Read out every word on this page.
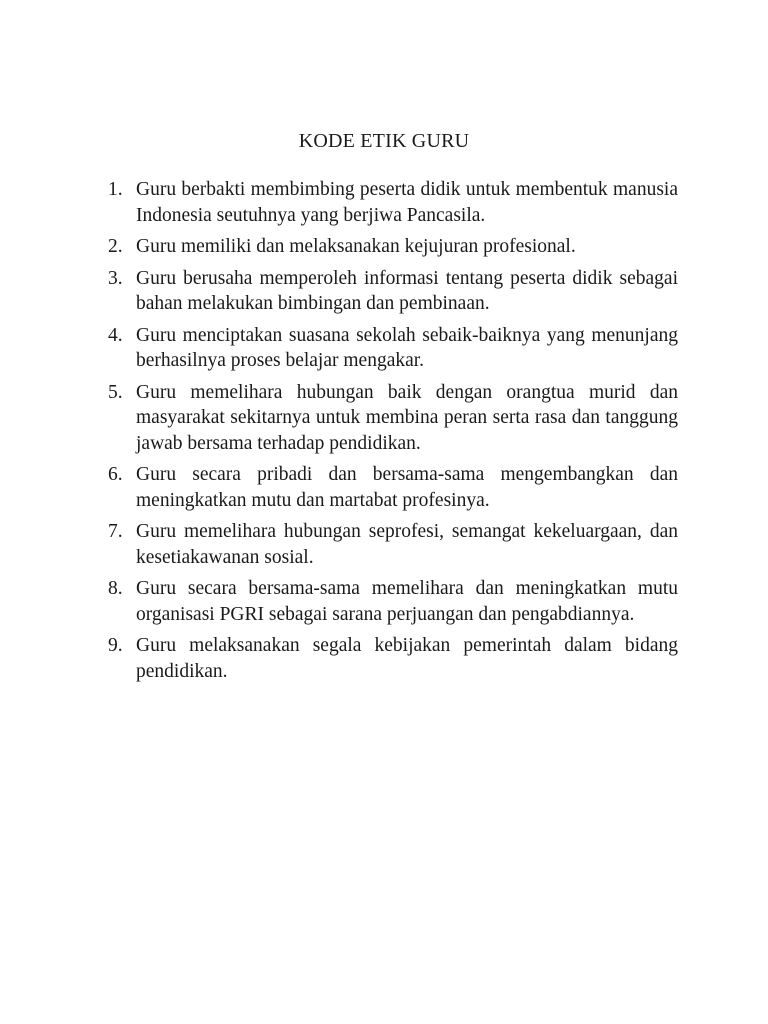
KODE ETIK GURU
1. Guru berbakti membimbing peserta didik untuk membentuk manusia Indonesia seutuhnya yang berjiwa Pancasila.
2. Guru memiliki dan melaksanakan kejujuran profesional.
3. Guru berusaha memperoleh informasi tentang peserta didik sebagai bahan melakukan bimbingan dan pembinaan.
4. Guru menciptakan suasana sekolah sebaik-baiknya yang menunjang berhasilnya proses belajar mengakar.
5. Guru memelihara hubungan baik dengan orangtua murid dan masyarakat sekitarnya untuk membina peran serta rasa dan tanggung jawab bersama terhadap pendidikan.
6. Guru secara pribadi dan bersama-sama mengembangkan dan meningkatkan mutu dan martabat profesinya.
7. Guru memelihara hubungan seprofesi, semangat kekeluargaan, dan kesetiakawanan sosial.
8. Guru secara bersama-sama memelihara dan meningkatkan mutu organisasi PGRI sebagai sarana perjuangan dan pengabdiannya.
9. Guru melaksanakan segala kebijakan pemerintah dalam bidang pendidikan.
